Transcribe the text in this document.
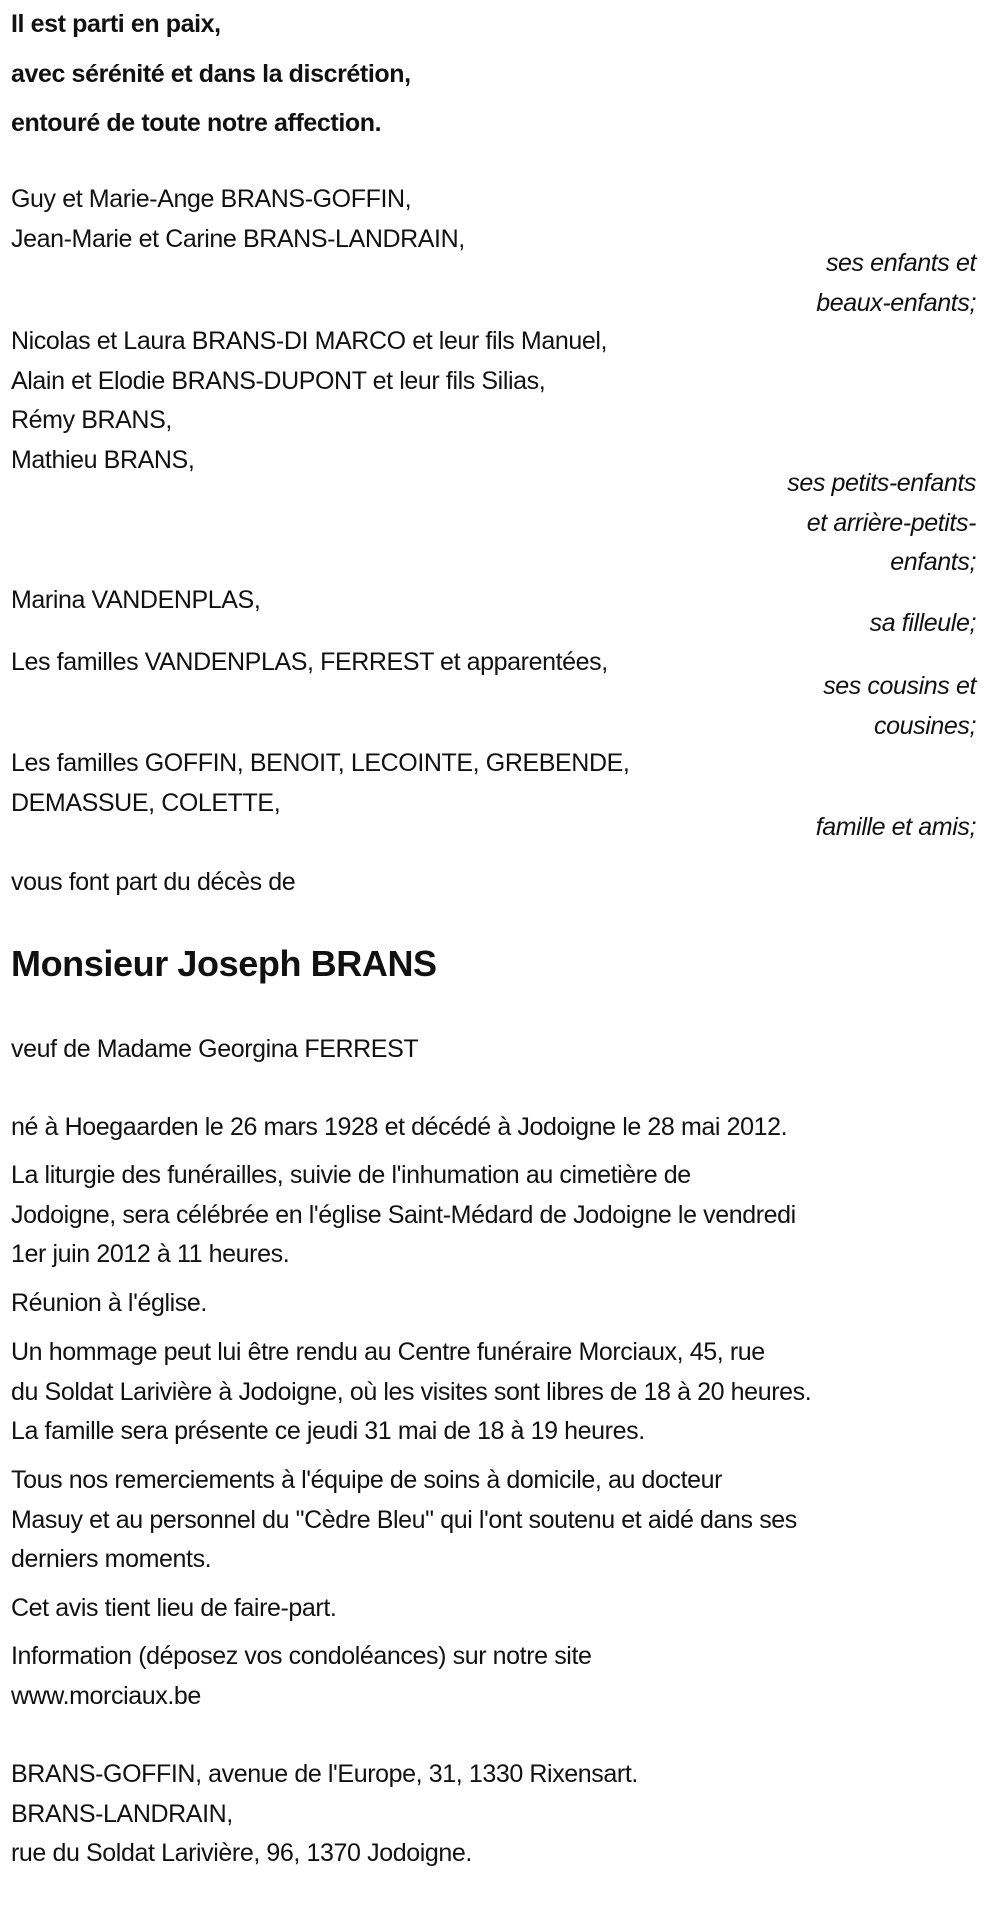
Il est parti en paix,
avec sérénité et dans la discrétion,
entouré de toute notre affection.
Guy et Marie-Ange BRANS-GOFFIN,
Jean-Marie et Carine BRANS-LANDRAIN,
ses enfants et
beaux-enfants;
Nicolas et Laura BRANS-DI MARCO et leur fils Manuel,
Alain et Elodie BRANS-DUPONT et leur fils Silias,
Rémy BRANS,
Mathieu BRANS,
ses petits-enfants
et arrière-petits-
enfants;
Marina VANDENPLAS,
sa filleule;
Les familles VANDENPLAS, FERREST et apparentées,
ses cousins et
cousines;
Les familles GOFFIN, BENOIT, LECOINTE, GREBENDE,
DEMASSUE, COLETTE,
famille et amis;
vous font part du décès de
Monsieur Joseph BRANS
veuf de Madame Georgina FERREST
né à Hoegaarden le 26 mars 1928 et décédé à Jodoigne le 28 mai 2012.
La liturgie des funérailles, suivie de l'inhumation au cimetière de
Jodoigne, sera célébrée en l'église Saint-Médard de Jodoigne le vendredi
1er juin 2012 à 11 heures.
Réunion à l'église.
Un hommage peut lui être rendu au Centre funéraire Morciaux, 45, rue
du Soldat Larivière à Jodoigne, où les visites sont libres de 18 à 20 heures.
La famille sera présente ce jeudi 31 mai de 18 à 19 heures.
Tous nos remerciements à l'équipe de soins à domicile, au docteur
Masuy et au personnel du "Cèdre Bleu" qui l'ont soutenu et aidé dans ses
derniers moments.
Cet avis tient lieu de faire-part.
Information (déposez vos condoléances) sur notre site
www.morciaux.be
BRANS-GOFFIN, avenue de l'Europe, 31, 1330 Rixensart.
BRANS-LANDRAIN,
rue du Soldat Larivière, 96, 1370 Jodoigne.
